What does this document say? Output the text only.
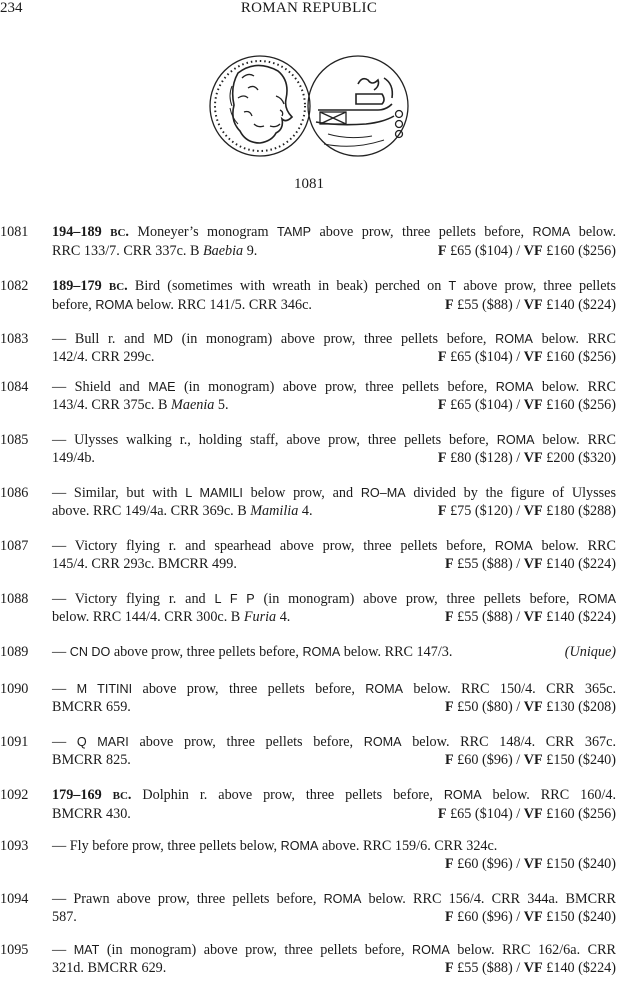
234	ROMAN REPUBLIC
1081
1081	194–189 BC. Moneyer’s monogram TAMP above prow, three pellets before, ROMA below.
RRC 133/7. CRR 337c. B Baebia 9.	F £65 ($104) / VF £160 ($256)
1082	189–179 BC. Bird (sometimes with wreath in beak) perched on T above prow, three pellets
before, ROMA below. RRC 141/5. CRR 346c.	F £55 ($88) / VF £140 ($224)
1083	— Bull r. and MD (in monogram) above prow, three pellets before, ROMA below. RRC
142/4. CRR 299c.	F £65 ($104) / VF £160 ($256)
1084	— Shield and MAE (in monogram) above prow, three pellets before, ROMA below. RRC
143/4. CRR 375c. B Maenia 5.	F £65 ($104) / VF £160 ($256)
1085	— Ulysses walking r., holding staff, above prow, three pellets before, ROMA below. RRC
149/4b.	F £80 ($128) / VF £200 ($320)
1086	— Similar, but with L MAMILI below prow, and RO–MA divided by the figure of Ulysses
above. RRC 149/4a. CRR 369c. B Mamilia 4.	F £75 ($120) / VF £180 ($288)
1087	— Victory flying r. and spearhead above prow, three pellets before, ROMA below. RRC
145/4. CRR 293c. BMCRR 499.	F £55 ($88) / VF £140 ($224)
1088	— Victory flying r. and L F P (in monogram) above prow, three pellets before, ROMA
below. RRC 144/4. CRR 300c. B Furia 4.	F £55 ($88) / VF £140 ($224)
1089	— CN DO above prow, three pellets before, ROMA below. RRC 147/3.	(Unique)
1090	— M TITINI above prow, three pellets before, ROMA below. RRC 150/4. CRR 365c.
BMCRR 659.	F £50 ($80) / VF £130 ($208)
1091	— Q MARI above prow, three pellets before, ROMA below. RRC 148/4. CRR 367c.
BMCRR 825.	F £60 ($96) / VF £150 ($240)
1092	179–169 BC. Dolphin r. above prow, three pellets before, ROMA below. RRC 160/4.
BMCRR 430.	F £65 ($104) / VF £160 ($256)
1093	— Fly before prow, three pellets below, ROMA above. RRC 159/6. CRR 324c.
F £60 ($96) / VF £150 ($240)
1094	— Prawn above prow, three pellets before, ROMA below. RRC 156/4. CRR 344a. BMCRR
587.	F £60 ($96) / VF £150 ($240)
1095	— MAT (in monogram) above prow, three pellets before, ROMA below. RRC 162/6a. CRR
321d. BMCRR 629.	F £55 ($88) / VF £140 ($224)
